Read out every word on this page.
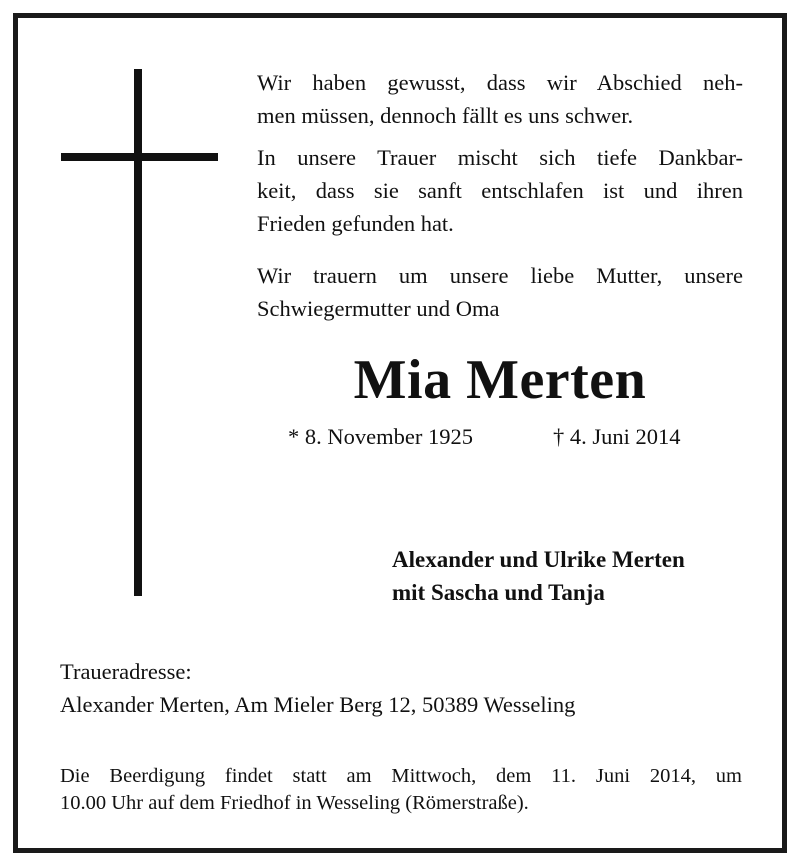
Wir haben gewusst, dass wir Abschied neh-
men müssen, dennoch fällt es uns schwer.
In unsere Trauer mischt sich tiefe Dankbar-
keit, dass sie sanft entschlafen ist und ihren
Frieden gefunden hat.
Wir trauern um unsere liebe Mutter, unsere
Schwiegermutter und Oma
Mia Merten
* 8. November 1925	† 4. Juni 2014
Alexander und Ulrike Merten
mit Sascha und Tanja
Traueradresse:
Alexander Merten, Am Mieler Berg 12, 50389 Wesseling
Die Beerdigung findet statt am Mittwoch, dem 11. Juni 2014, um
10.00 Uhr auf dem Friedhof in Wesseling (Römerstraße).
